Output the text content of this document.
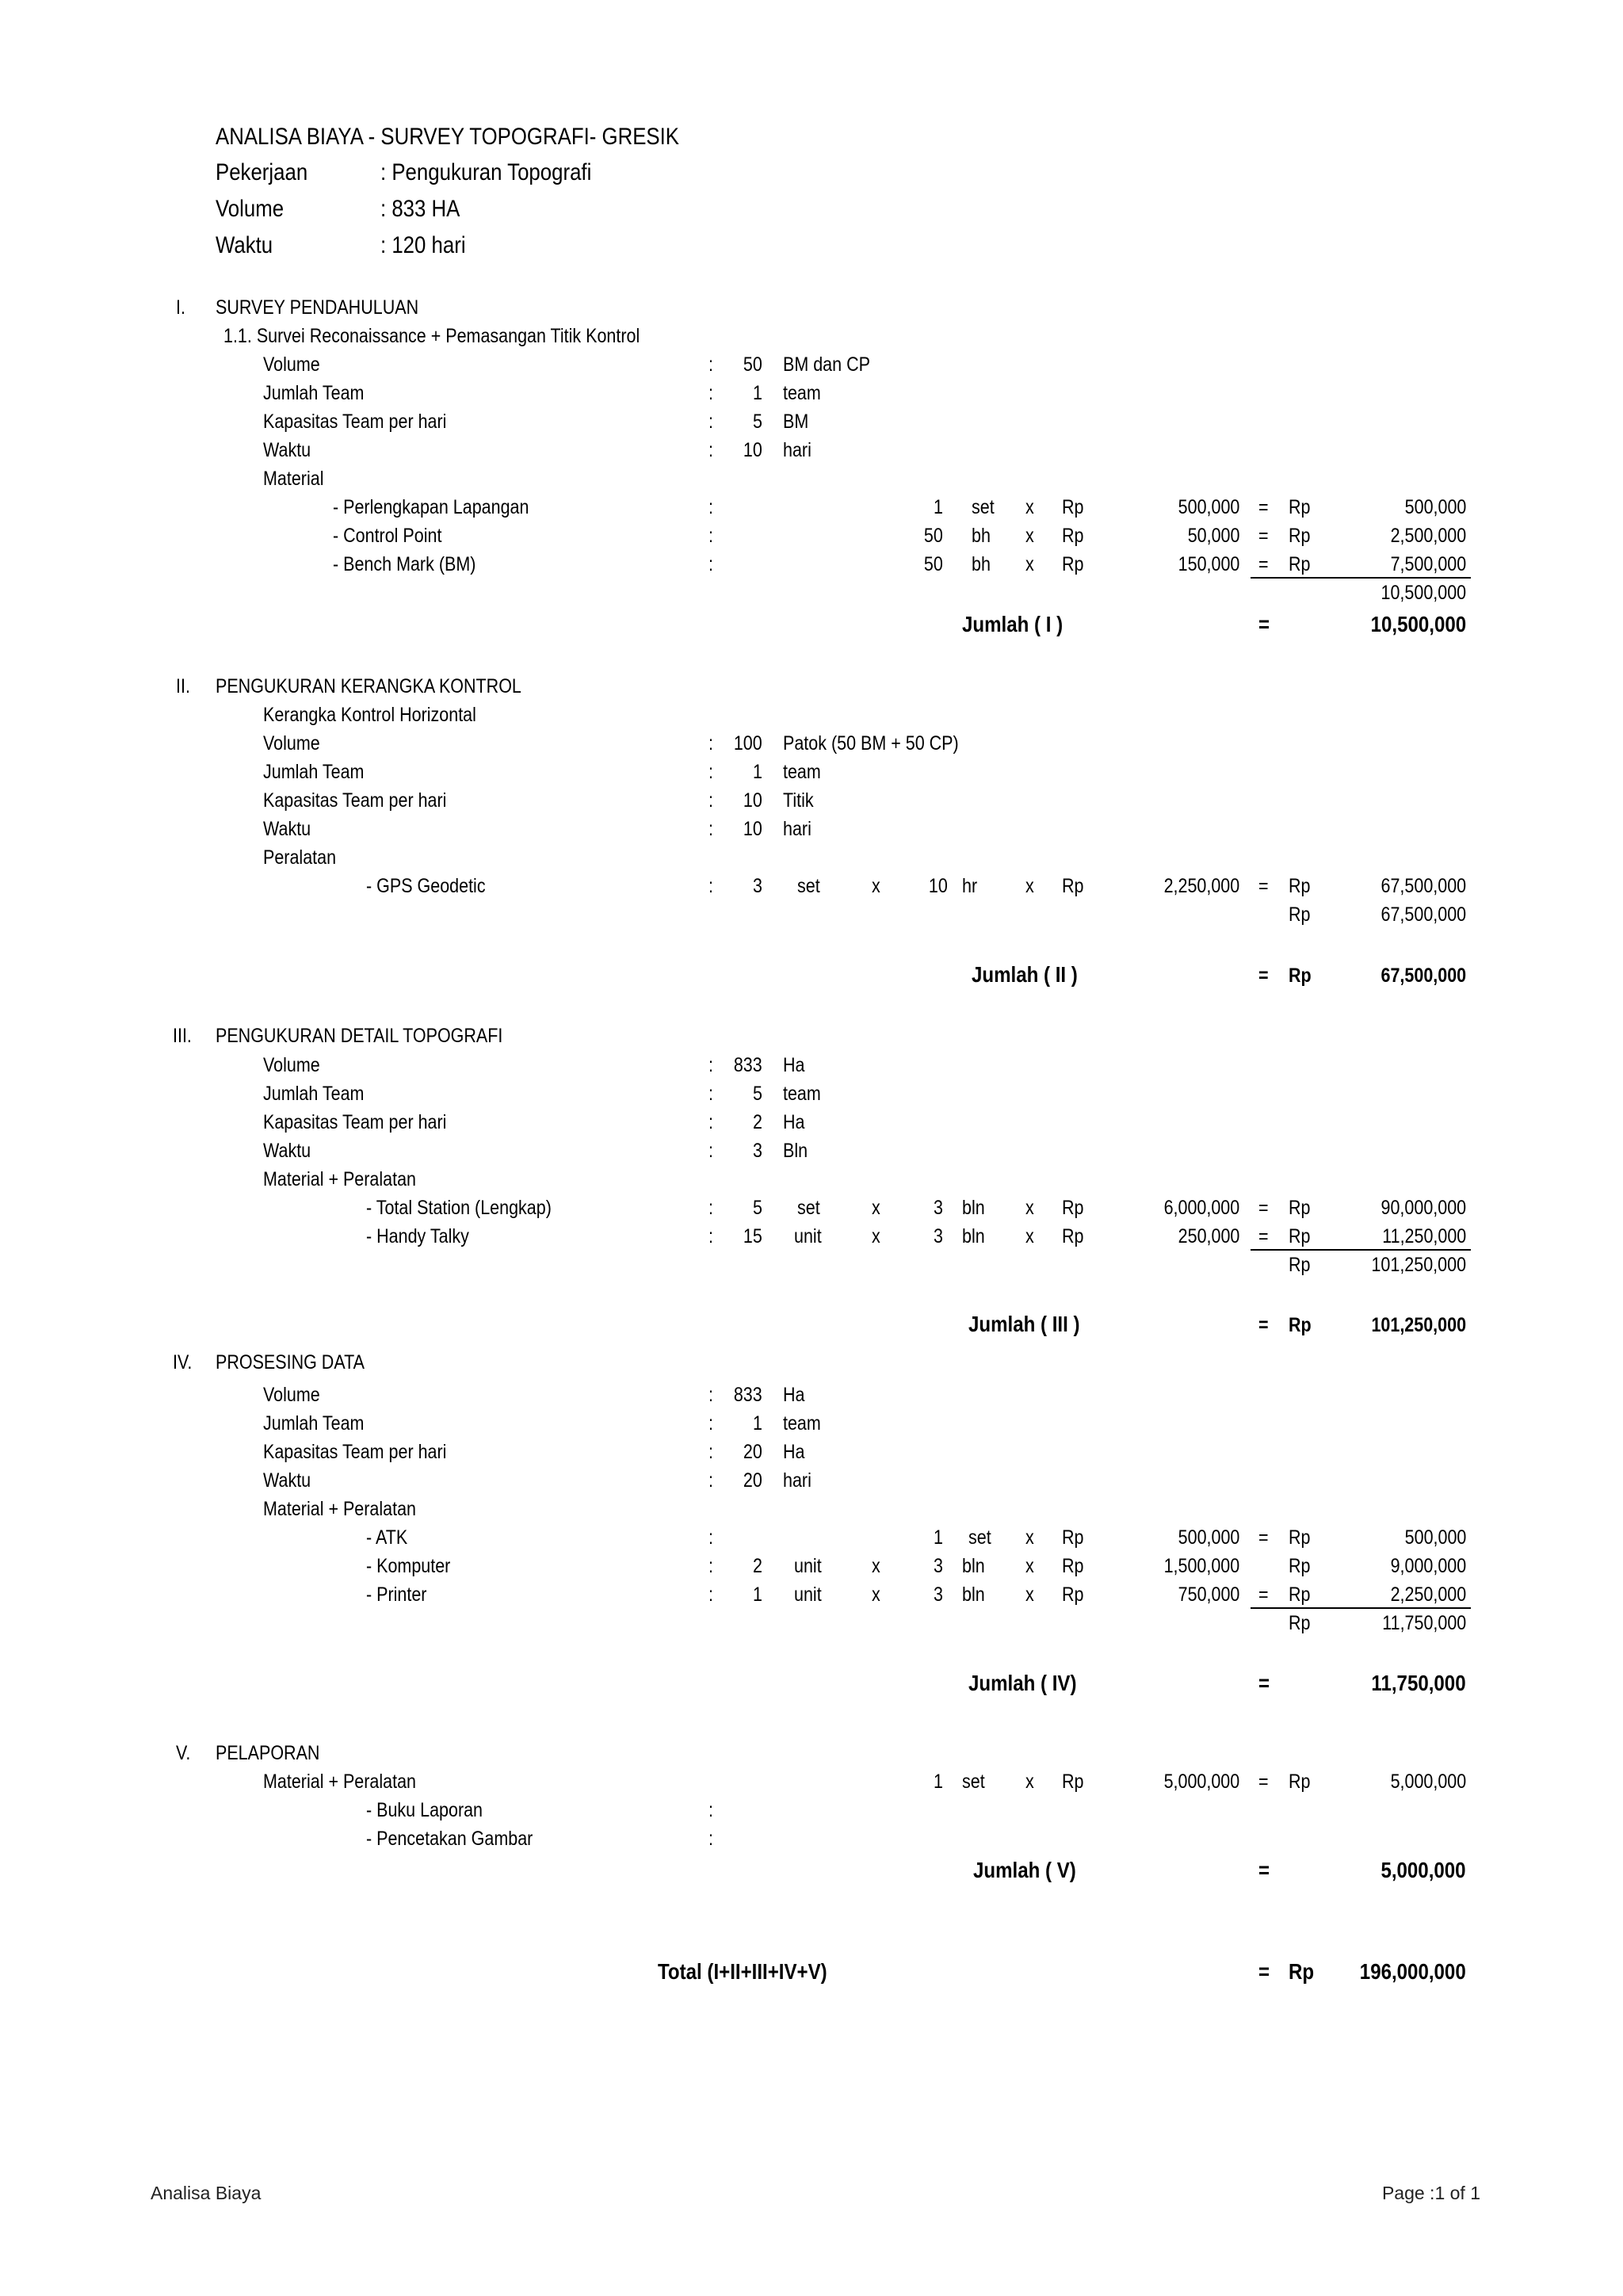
ANALISA BIAYA - SURVEY TOPOGRAFI- GRESIK
Pekerjaan	: Pengukuran Topografi
Volume	: 833 HA
Waktu	: 120 hari
I. SURVEY PENDAHULUAN
1.1. Survei Reconaissance + Pemasangan Titik Kontrol
Volume	: 50 BM dan CP
Jumlah Team	: 1 team
Kapasitas Team per hari	: 5 BM
Waktu	: 10 hari
Material
- Perlengkapan Lapangan	:	1 set x Rp	500,000 = Rp	500,000
- Control Point	:	50 bh x Rp	50,000 = Rp	2,500,000
- Bench Mark (BM)	:	50 bh x Rp	150,000 = Rp	7,500,000
10,500,000
Jumlah ( I )	=	10,500,000
II. PENGUKURAN KERANGKA KONTROL
Kerangka Kontrol Horizontal
Volume	: 100 Patok (50 BM + 50 CP)
Jumlah Team	: 1 team
Kapasitas Team per hari	: 10 Titik
Waktu	: 10 hari
Peralatan
- GPS Geodetic	: 3 set	x 10 hr x Rp	2,250,000 = Rp	67,500,000
Rp	67,500,000
Jumlah ( II )	= Rp	67,500,000
III. PENGUKURAN DETAIL TOPOGRAFI
Volume	: 833 Ha
Jumlah Team	: 5 team
Kapasitas Team per hari	: 2 Ha
Waktu	: 3 Bln
Material + Peralatan
- Total Station (Lengkap)	: 5 set	x	3 bln x Rp	6,000,000 = Rp	90,000,000
- Handy Talky	: 15 unit	x	3 bln x Rp	250,000 = Rp	11,250,000
Rp	101,250,000
Jumlah ( III )	= Rp	101,250,000
IV. PROSESING DATA
Volume	: 833 Ha
Jumlah Team	: 1 team
Kapasitas Team per hari	: 20 Ha
Waktu	: 20 hari
Material + Peralatan
- ATK	:	1 set x Rp	500,000 = Rp	500,000
- Komputer	: 2 unit	x	3 bln x Rp	1,500,000 Rp	9,000,000
- Printer	: 1 unit	x	3 bln x Rp	750,000 = Rp	2,250,000
Rp	11,750,000
Jumlah ( IV)	=	11,750,000
V. PELAPORAN
Material + Peralatan	1 set x Rp	5,000,000 = Rp	5,000,000
- Buku Laporan	:
- Pencetakan Gambar	:
Jumlah ( V)	=	5,000,000
Total (I+II+III+IV+V)	= Rp 196,000,000
Analisa Biaya	Page :1 of 1
